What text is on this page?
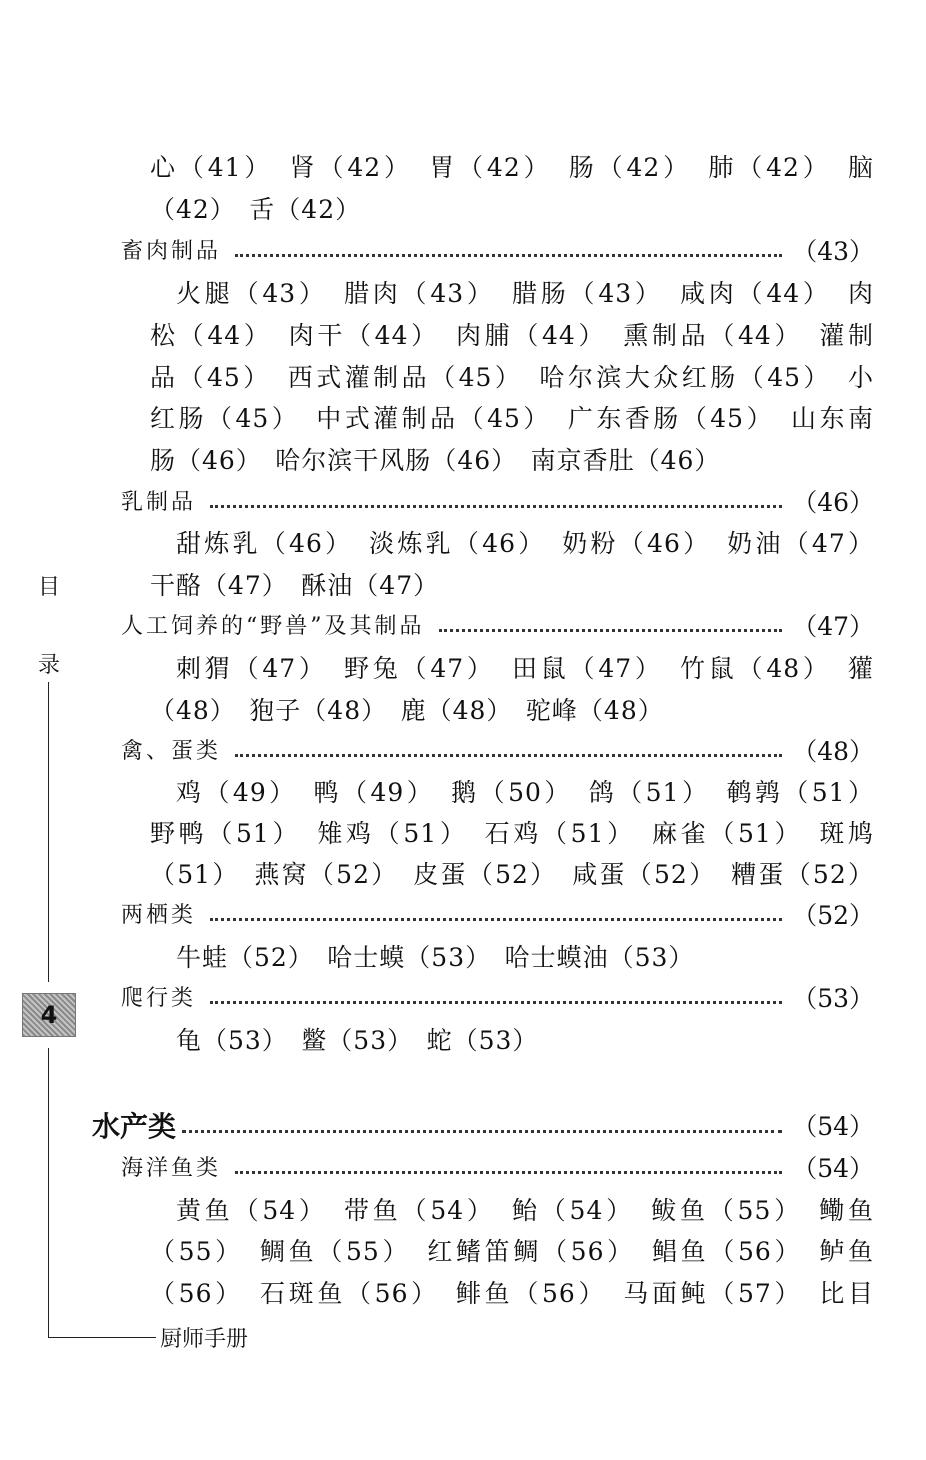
目
录
4
厨师手册
心（41）　肾（42）　胃（42）　肠（42）　肺（42）　脑
（42）　舌（42）
畜肉制品	（43）
火腿（43）　腊肉（43）　腊肠（43）　咸肉（44）　肉
松（44）　肉干（44）　肉脯（44）　熏制品（44）　灌制
品（45）　西式灌制品（45）　哈尔滨大众红肠（45）　小
红肠（45）　中式灌制品（45）　广东香肠（45）　山东南
肠（46）　哈尔滨干风肠（46）　南京香肚（46）
乳制品	（46）
甜炼乳（46）　淡炼乳（46）　奶粉（46）　奶油（47）
干酪（47）　酥油（47）
人工饲养的“野兽”及其制品	（47）
刺猬（47）　野兔（47）　田鼠（47）　竹鼠（48）　獾
（48）　狍子（48）　鹿（48）　驼峰（48）
禽、蛋类	（48）
鸡（49）　鸭（49）　鹅（50）　鸽（51）　鹌鹑（51）
野鸭（51）　雉鸡（51）　石鸡（51）　麻雀（51）　斑鸠
（51）　燕窝（52）　皮蛋（52）　咸蛋（52）　糟蛋（52）
两栖类	（52）
牛蛙（52）　哈士蟆（53）　哈士蟆油（53）
爬行类	（53）
龟（53）　鳖（53）　蛇（53）
水产类	（54）
海洋鱼类	（54）
黄鱼（54）　带鱼（54）　鲐（54）　鲅鱼（55）　鳓鱼
（55）　鲷鱼（55）　红鳍笛鲷（56）　鲳鱼（56）　鲈鱼
（56）　石斑鱼（56）　鲱鱼（56）　马面鲀（57）　比目
